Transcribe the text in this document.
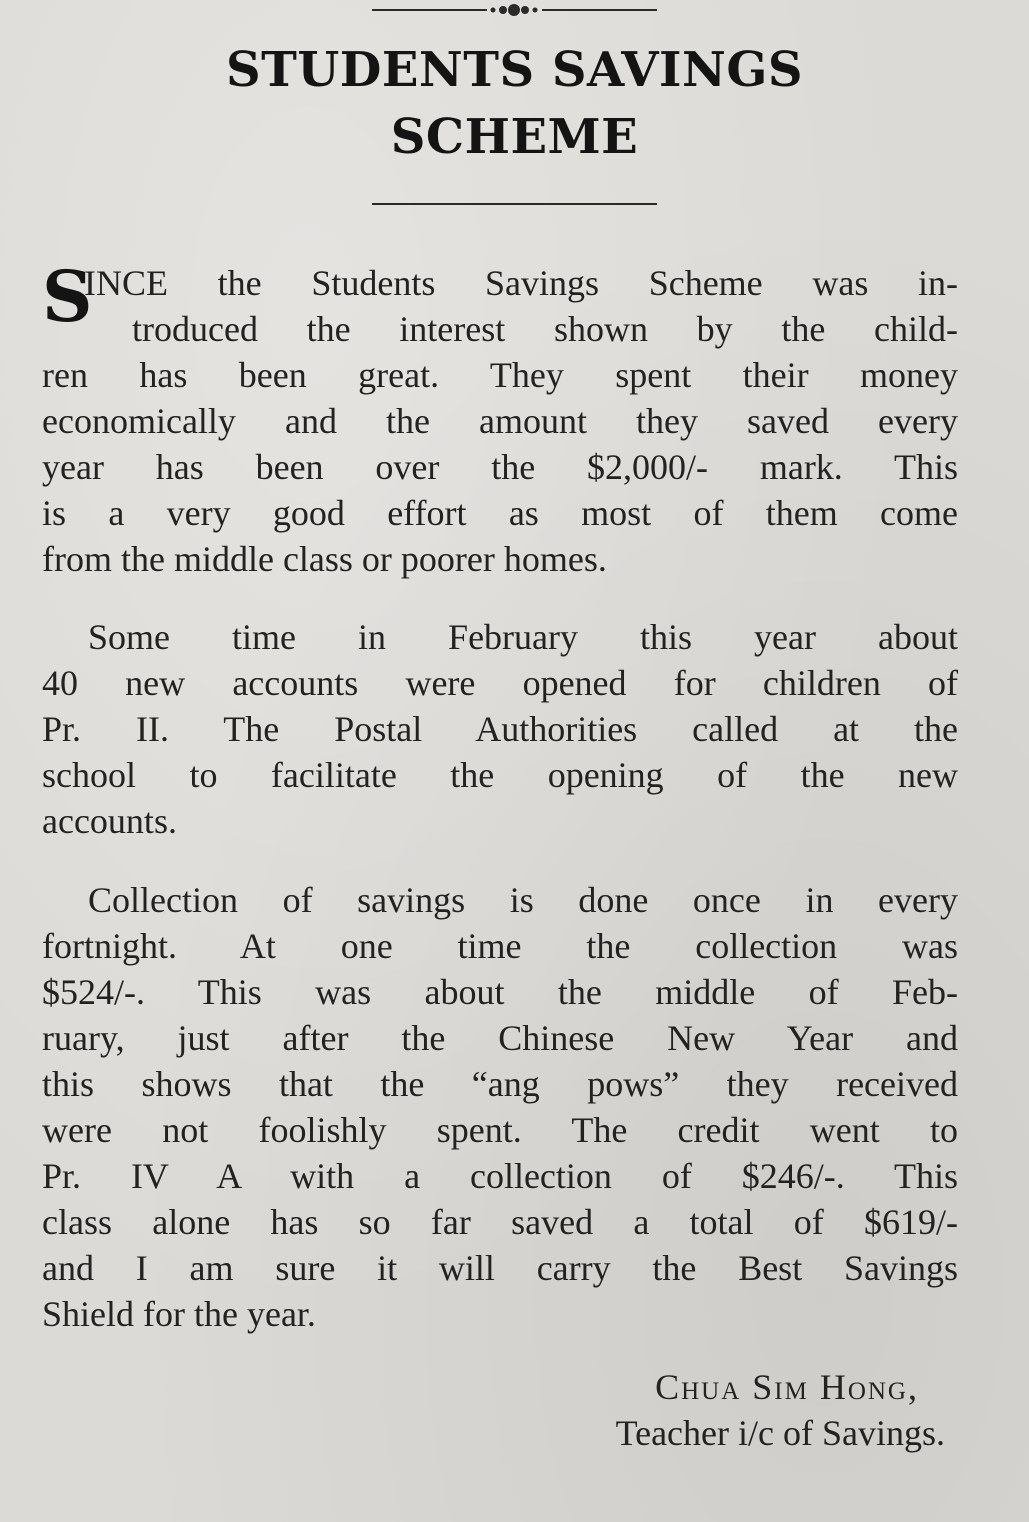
STUDENTS SAVINGS
SCHEME
S
INCE the Students Savings Scheme was in-
troduced the interest shown by the child-
ren has been great. They spent their money
economically and the amount they saved every
year has been over the $2,000/- mark. This
is a very good effort as most of them come
from the middle class or poorer homes.
Some time in February this year about
40 new accounts were opened for children of
Pr. II. The Postal Authorities called at the
school to facilitate the opening of the new
accounts.
Collection of savings is done once in every
fortnight. At one time the collection was
$524/-. This was about the middle of Feb-
ruary, just after the Chinese New Year and
this shows that the “ang pows” they received
were not foolishly spent. The credit went to
Pr. IV A with a collection of $246/-. This
class alone has so far saved a total of $619/-
and I am sure it will carry the Best Savings
Shield for the year.
Chua Sim Hong,
Teacher i/c of Savings.
